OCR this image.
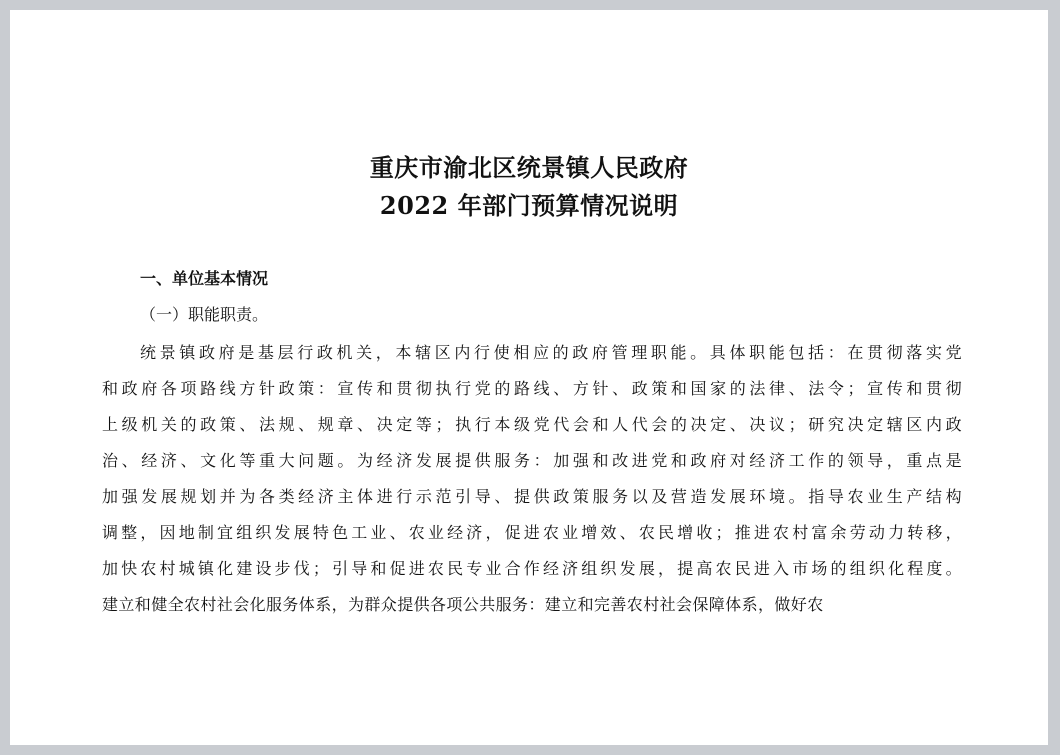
重庆市渝北区统景镇人民政府
2022 年部门预算情况说明
一、单位基本情况
（一）职能职责。
统景镇政府是基层行政机关，本辖区内行使相应的政府管理职能。具体职能包括：在贯彻落实党
和政府各项路线方针政策：宣传和贯彻执行党的路线、方针、政策和国家的法律、法令；宣传和贯彻
上级机关的政策、法规、规章、决定等；执行本级党代会和人代会的决定、决议；研究决定辖区内政
治、经济、文化等重大问题。为经济发展提供服务：加强和改进党和政府对经济工作的领导，重点是
加强发展规划并为各类经济主体进行示范引导、提供政策服务以及营造发展环境。指导农业生产结构
调整，因地制宜组织发展特色工业、农业经济，促进农业增效、农民增收；推进农村富余劳动力转移，
加快农村城镇化建设步伐；引导和促进农民专业合作经济组织发展，提高农民进入市场的组织化程度。
建立和健全农村社会化服务体系，为群众提供各项公共服务：建立和完善农村社会保障体系，做好农
